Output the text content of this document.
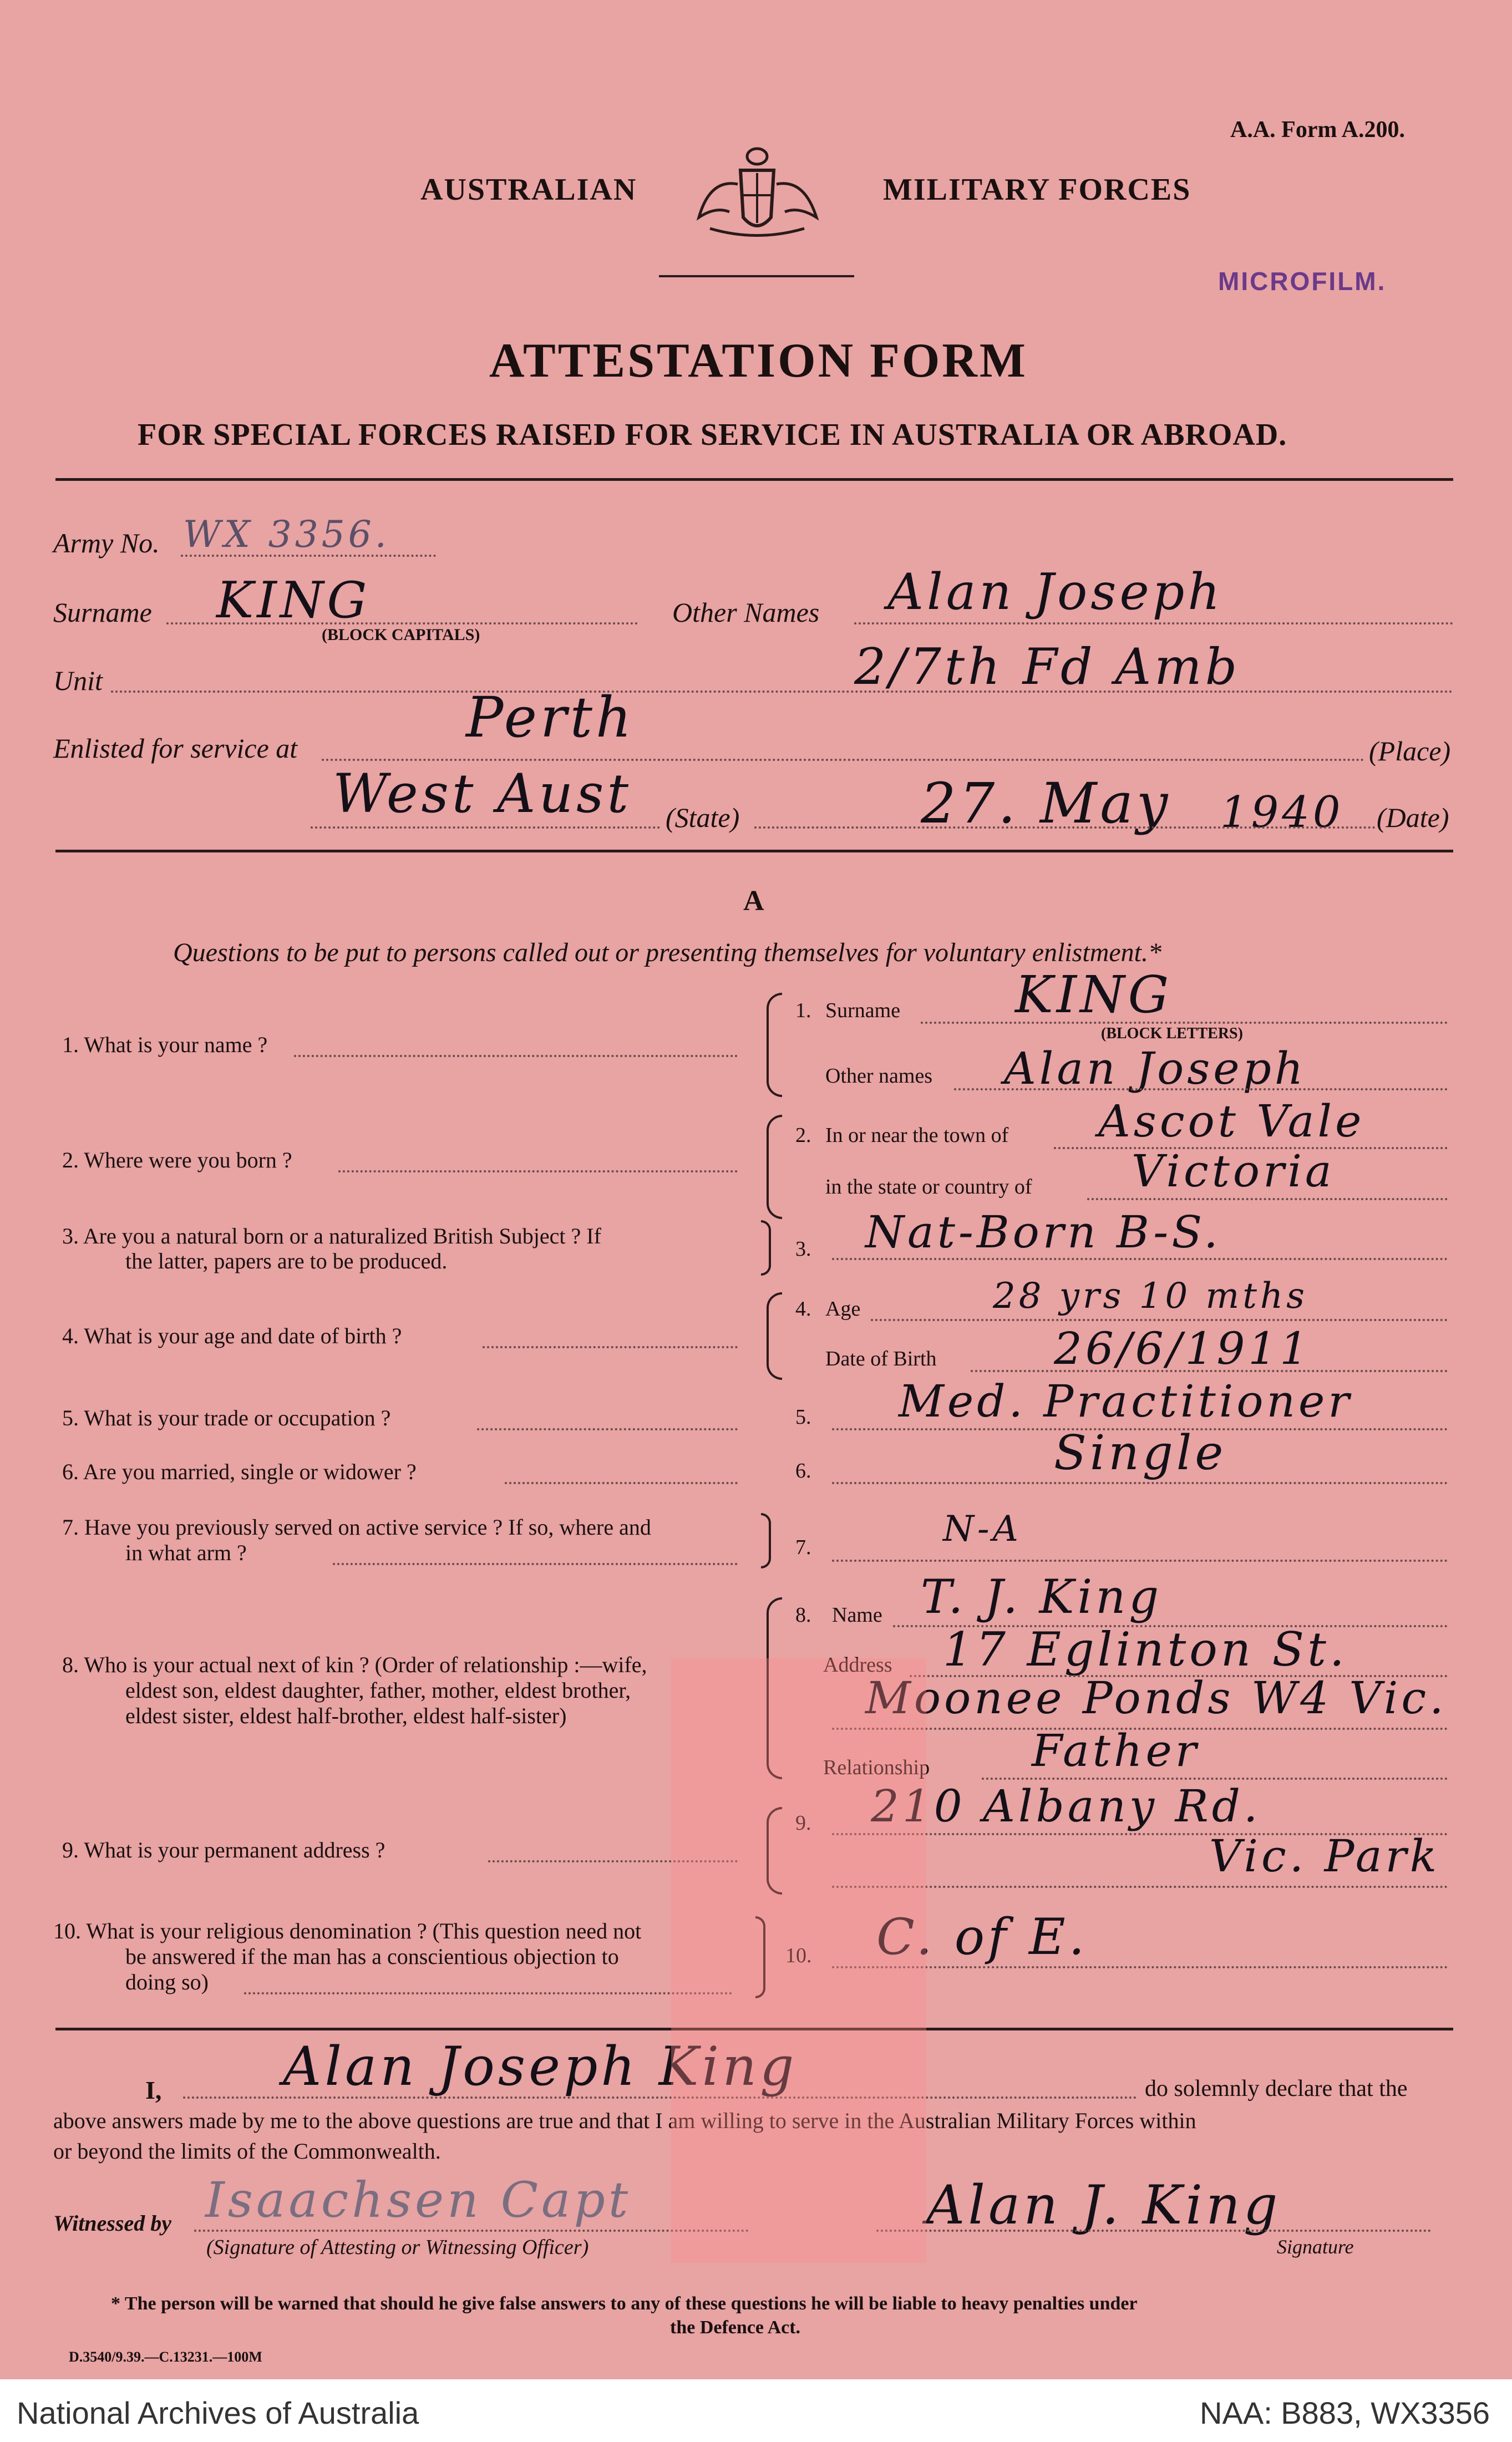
A.A. Form A.200.
AUSTRALIAN	MILITARY FORCES
MICROFILM.
ATTESTATION FORM
FOR SPECIAL FORCES RAISED FOR SERVICE IN AUSTRALIA OR ABROAD.
Army No. WX 3356.
Surname KING
(BLOCK CAPITALS)
Other Names Alan Joseph
Unit	2/7th Fd Amb
Enlisted for service at	Perth
(Place)
West Aust (State)	27. May 1940 (Date)
A
Questions to be put to persons called out or presenting themselves for voluntary enlistment.*
1. What is your name ?
1. Surname KING
(BLOCK LETTERS)
Other names Alan Joseph
2. Where were you born ?
2. In or near the town of Ascot Vale
in the state or country of Victoria
3. Are you a natural born or a naturalized British Subject ? If
the latter, papers are to be produced.	3. Nat-Born B-S.
4. What is your age and date of birth ?
4. Age	28 yrs 10 mths
Date of Birth	26/6/1911
5. What is your trade or occupation ?	5. Med. Practitioner
6. Are you married, single or widower ?	6.	Single
7. Have you previously served on active service ? If so, where and
in what arm ?	7.	N-A
8. Who is your actual next of kin ? (Order of relationship :—wife,
eldest son, eldest daughter, father, mother, eldest brother,
eldest sister, eldest half-brother, eldest half-sister)
8. Name T. J. King
Address 17 Eglinton St.
Moonee Ponds W4 Vic.
Relationship Father
9. What is your permanent address ?
9. 210 Albany Rd.
Vic. Park
10. What is your religious denomination ? (This question need not
be answered if the man has a conscientious objection to
doing so)
10. C. of E.
I, Alan Joseph King	do solemnly declare that the
above answers made by me to the above questions are true and that I am willing to serve in the Australian Military Forces within
or beyond the limits of the Commonwealth.
Witnessed by Isaachsen Capt
(Signature of Attesting or Witnessing Officer)
Alan J. King
Signature
* The person will be warned that should he give false answers to any of these questions he will be liable to heavy penalties under
the Defence Act.
D.3540/9.39.—C.13231.—100M
National Archives of Australia	NAA: B883, WX3356
